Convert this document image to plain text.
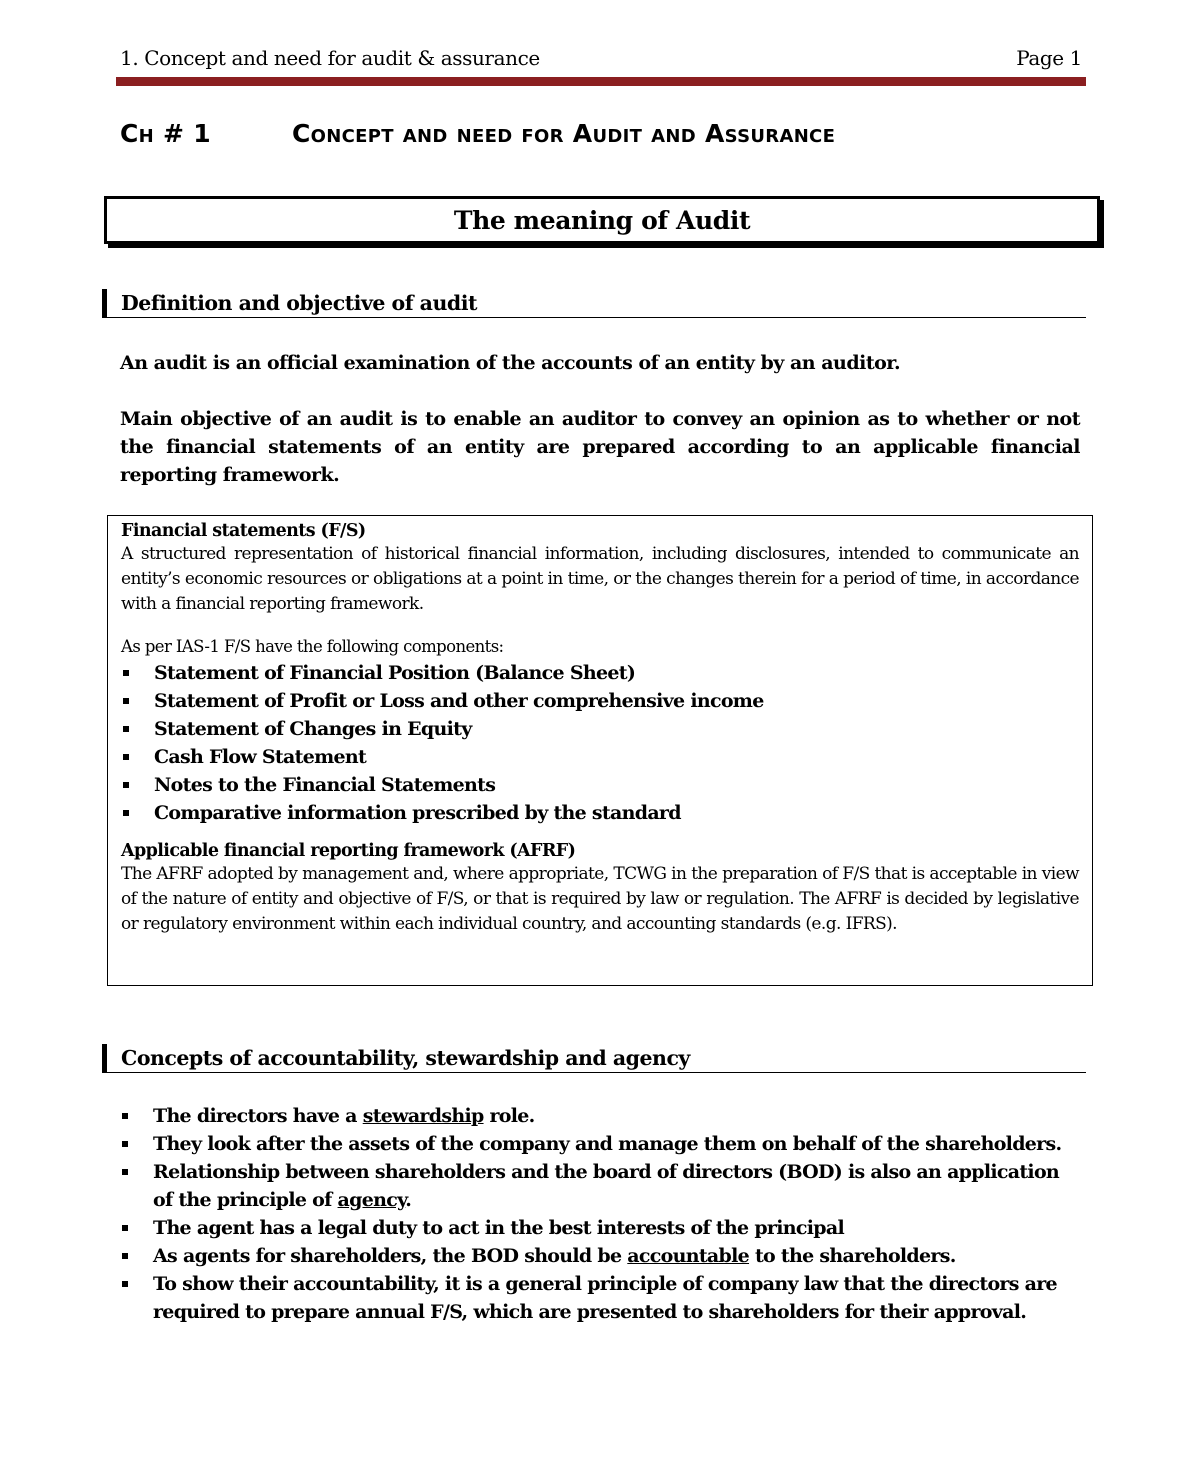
1. Concept and need for audit & assurance	Page 1
Ch # 1	Concept and need for Audit and Assurance
The meaning of Audit
Definition and objective of audit
An audit is an official examination of the accounts of an entity by an auditor.
Main objective of an audit is to enable an auditor to convey an opinion as to whether or not the financial statements of an entity are prepared according to an applicable financial reporting framework.
Financial statements (F/S)
A structured representation of historical financial information, including disclosures, intended to communicate an entity’s economic resources or obligations at a point in time, or the changes therein for a period of time, in accordance with a financial reporting framework.
As per IAS-1 F/S have the following components:
Statement of Financial Position (Balance Sheet)
Statement of Profit or Loss and other comprehensive income
Statement of Changes in Equity
Cash Flow Statement
Notes to the Financial Statements
Comparative information prescribed by the standard
Applicable financial reporting framework (AFRF)
The AFRF adopted by management and, where appropriate, TCWG in the preparation of F/S that is acceptable in view of the nature of entity and objective of F/S, or that is required by law or regulation. The AFRF is decided by legislative or regulatory environment within each individual country, and accounting standards (e.g. IFRS).
Concepts of accountability, stewardship and agency
The directors have a stewardship role.
They look after the assets of the company and manage them on behalf of the shareholders.
Relationship between shareholders and the board of directors (BOD) is also an application of the principle of agency.
The agent has a legal duty to act in the best interests of the principal
As agents for shareholders, the BOD should be accountable to the shareholders.
To show their accountability, it is a general principle of company law that the directors are required to prepare annual F/S, which are presented to shareholders for their approval.
